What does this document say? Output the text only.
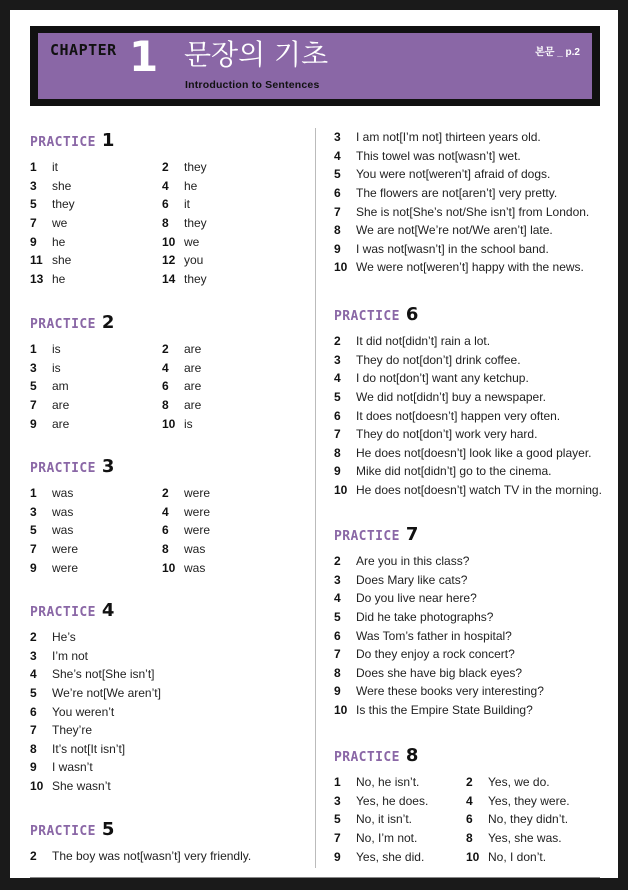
CHAPTER 1 문장의 기초
Introduction to Sentences
본문 _ p.2
PRACTICE 1
1	it	2	they
3	she	4	he
5	they	6	it
7	we	8	they
9	he	10 we
11 she	12 you
13 he	14 they
PRACTICE 2
1	is	2	are
3	is	4	are
5	am	6	are
7	are	8	are
9	are	10 is
PRACTICE 3
1	was	2	were
3	was	4	were
5	was	6	were
7	were	8	was
9	were	10 was
PRACTICE 4
2	He’s
3	I’m not
4	She’s not[She isn’t]
5	We’re not[We aren’t]
6	You weren’t
7	They’re
8	It’s not[It isn’t]
9	I wasn’t
10 She wasn’t
PRACTICE 5
2	The boy was not[wasn’t] very friendly.
3	I am not[I’m not] thirteen years old.
4	This towel was not[wasn’t] wet.
5	You were not[weren’t] afraid of dogs.
6	The flowers are not[aren’t] very pretty.
7	She is not[She’s not/She isn’t] from London.
8	We are not[We’re not/We aren’t] late.
9	I was not[wasn’t] in the school band.
10 We were not[weren’t] happy with the news.
PRACTICE 6
2	It did not[didn’t] rain a lot.
3	They do not[don’t] drink coffee.
4	I do not[don’t] want any ketchup.
5	We did not[didn’t] buy a newspaper.
6	It does not[doesn’t] happen very often.
7	They do not[don’t] work very hard.
8	He does not[doesn’t] look like a good player.
9	Mike did not[didn’t] go to the cinema.
10 He does not[doesn’t] watch TV in the morning.
PRACTICE 7
2	Are you in this class?
3	Does Mary like cats?
4	Do you live near here?
5	Did he take photographs?
6	Was Tom’s father in hospital?
7	Do they enjoy a rock concert?
8	Does she have big black eyes?
9	Were these books very interesting?
10 Is this the Empire State Building?
PRACTICE 8
1	No, he isn’t.	2	Yes, we do.
3	Yes, he does.	4	Yes, they were.
5	No, it isn’t.	6	No, they didn’t.
7	No, I’m not.	8	Yes, she was.
9	Yes, she did.	10 No, I don’t.
